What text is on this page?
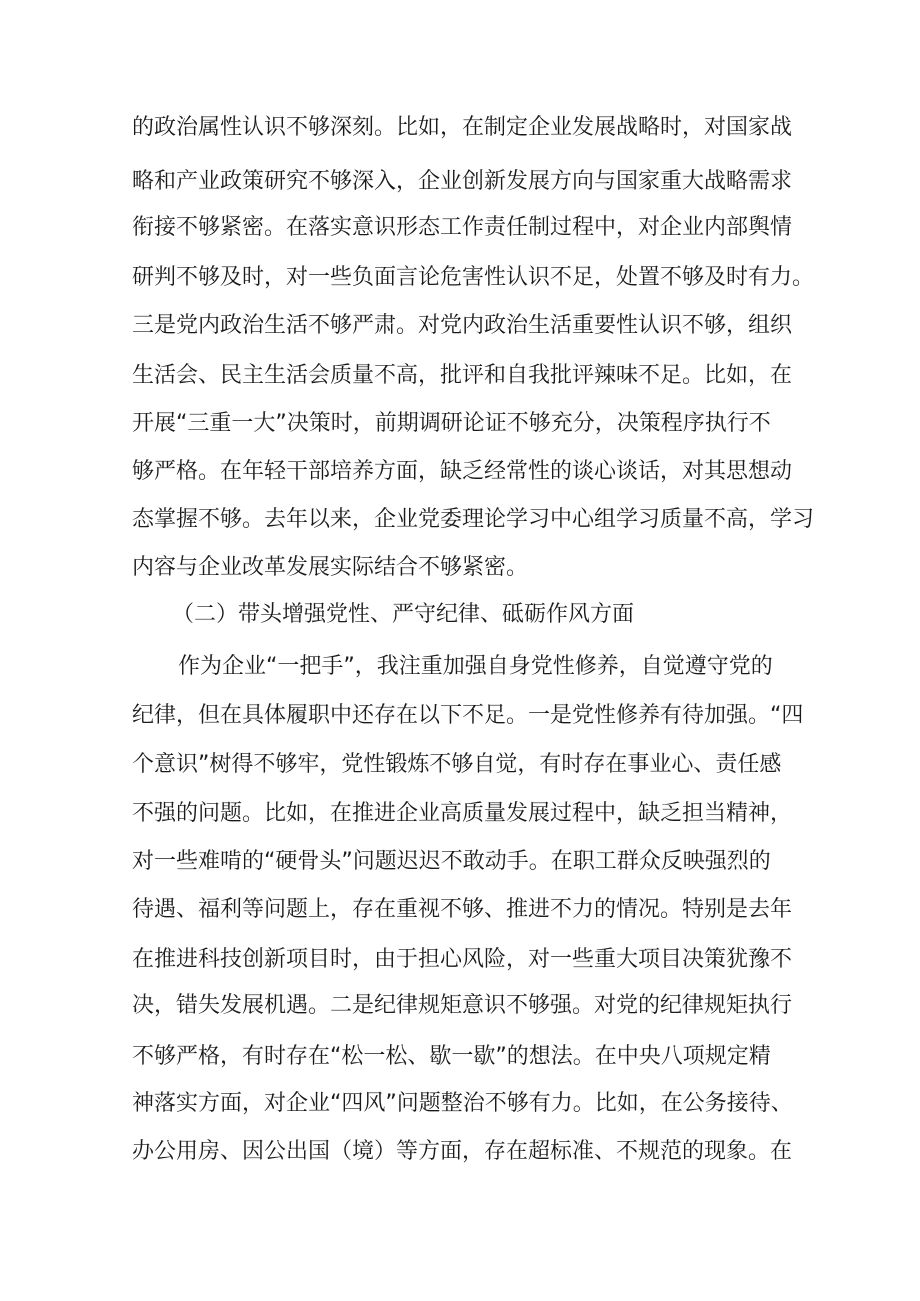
的政治属性认识不够深刻。比如，在制定企业发展战略时，对国家战
略和产业政策研究不够深入，企业创新发展方向与国家重大战略需求
衔接不够紧密。在落实意识形态工作责任制过程中，对企业内部舆情
研判不够及时，对一些负面言论危害性认识不足，处置不够及时有力。
三是党内政治生活不够严肃。对党内政治生活重要性认识不够，组织
生活会、民主生活会质量不高，批评和自我批评辣味不足。比如，在
开展“三重一大”决策时，前期调研论证不够充分，决策程序执行不
够严格。在年轻干部培养方面，缺乏经常性的谈心谈话，对其思想动
态掌握不够。去年以来，企业党委理论学习中心组学习质量不高，学习
内容与企业改革发展实际结合不够紧密。
（二）带头增强党性、严守纪律、砥砺作风方面
作为企业“一把手”，我注重加强自身党性修养，自觉遵守党的
纪律，但在具体履职中还存在以下不足。一是党性修养有待加强。“四
个意识”树得不够牢，党性锻炼不够自觉，有时存在事业心、责任感
不强的问题。比如，在推进企业高质量发展过程中，缺乏担当精神，
对一些难啃的“硬骨头”问题迟迟不敢动手。在职工群众反映强烈的
待遇、福利等问题上，存在重视不够、推进不力的情况。特别是去年
在推进科技创新项目时，由于担心风险，对一些重大项目决策犹豫不
决，错失发展机遇。二是纪律规矩意识不够强。对党的纪律规矩执行
不够严格，有时存在“松一松、歇一歇”的想法。在中央八项规定精
神落实方面，对企业“四风”问题整治不够有力。比如，在公务接待、
办公用房、因公出国（境）等方面，存在超标准、不规范的现象。在
